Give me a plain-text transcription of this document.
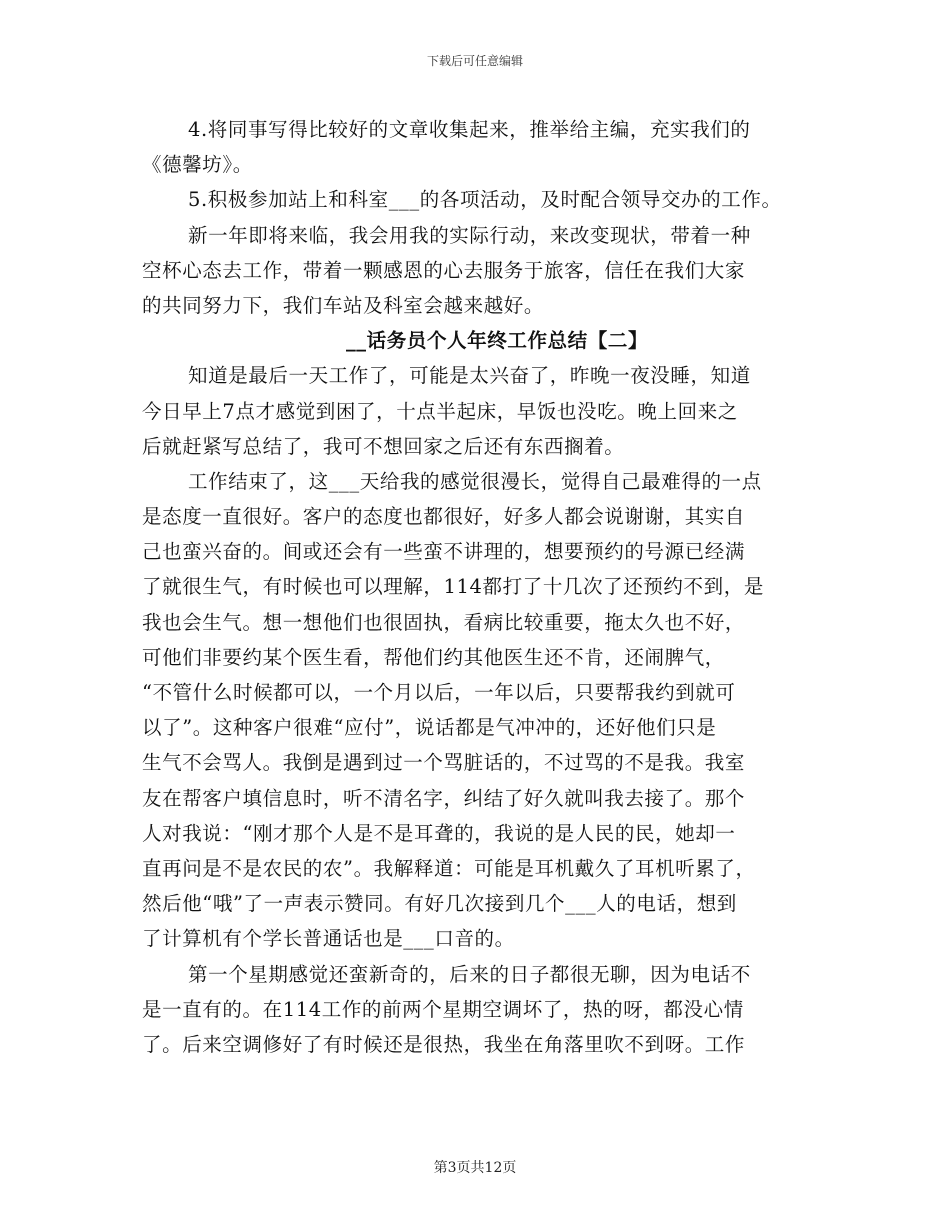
下载后可任意编辑
4.将同事写得比较好的文章收集起来，推举给主编，充实我们的
《德馨坊》。
5.积极参加站上和科室___的各项活动，及时配合领导交办的工作。
新一年即将来临，我会用我的实际行动，来改变现状，带着一种
空杯心态去工作，带着一颗感恩的心去服务于旅客，信任在我们大家
的共同努力下，我们车站及科室会越来越好。
__话务员个人年终工作总结【二】
知道是最后一天工作了，可能是太兴奋了，昨晚一夜没睡，知道
今日早上7点才感觉到困了，十点半起床，早饭也没吃。晚上回来之
后就赶紧写总结了，我可不想回家之后还有东西搁着。
工作结束了，这___天给我的感觉很漫长，觉得自己最难得的一点
是态度一直很好。客户的态度也都很好，好多人都会说谢谢，其实自
己也蛮兴奋的。间或还会有一些蛮不讲理的，想要预约的号源已经满
了就很生气，有时候也可以理解，114都打了十几次了还预约不到，是
我也会生气。想一想他们也很固执，看病比较重要，拖太久也不好，
可他们非要约某个医生看，帮他们约其他医生还不肯，还闹脾气，
“不管什么时候都可以，一个月以后，一年以后，只要帮我约到就可
以了”。这种客户很难“应付”，说话都是气冲冲的，还好他们只是
生气不会骂人。我倒是遇到过一个骂脏话的，不过骂的不是我。我室
友在帮客户填信息时，听不清名字，纠结了好久就叫我去接了。那个
人对我说：“刚才那个人是不是耳聋的，我说的是人民的民，她却一
直再问是不是农民的农”。我解释道：可能是耳机戴久了耳机听累了，
然后他“哦”了一声表示赞同。有好几次接到几个___人的电话，想到
了计算机有个学长普通话也是___口音的。
第一个星期感觉还蛮新奇的，后来的日子都很无聊，因为电话不
是一直有的。在114工作的前两个星期空调坏了，热的呀，都没心情
了。后来空调修好了有时候还是很热，我坐在角落里吹不到呀。工作
第3页共12页
